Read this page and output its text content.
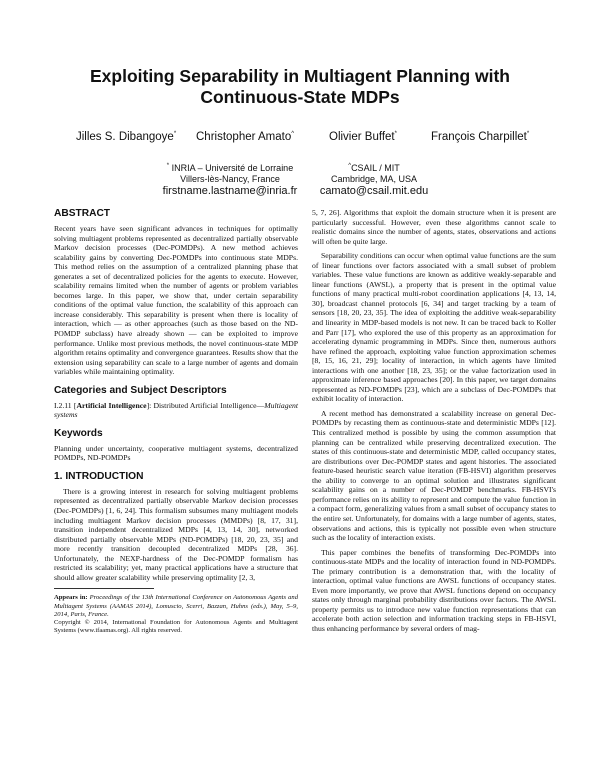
Exploiting Separability in Multiagent Planning with
Continuous-State MDPs
Jilles S. Dibangoye* Christopher Amato^	Olivier Buffet*	François Charpillet*
* INRIA – Université de Lorraine
Villers-lès-Nancy, France
firstname.lastname@inria.fr
^CSAIL / MIT
Cambridge, MA, USA
camato@csail.mit.edu
ABSTRACT

Recent years have seen significant advances in techniques for optimally solving multiagent problems represented as decentralized partially observable Markov decision processes (Dec-POMDPs). A new method achieves scalability gains by converting Dec-POMDPs into continuous state MDPs. This method relies on the assumption of a centralized planning phase that generates a set of decentralized policies for the agents to execute. However, scalability remains limited when the number of agents or problem variables becomes large. In this paper, we show that, under certain separability conditions of the optimal value function, the scalability of this approach can increase considerably. This separability is present when there is locality of interaction, which — as other approaches (such as those based on the ND-POMDP subclass) have already shown — can be exploited to improve performance. Unlike most previous methods, the novel continuous-state MDP algorithm retains optimality and convergence guarantees. Results show that the extension using separability can scale to a large number of agents and domain variables while maintaining optimality.

Categories and Subject Descriptors

I.2.11 [Artificial Intelligence]: Distributed Artificial Intelligence—Multiagent systems

Keywords

Planning under uncertainty, cooperative multiagent systems, decentralized POMDPs, ND-POMDPs

1. INTRODUCTION

There is a growing interest in research for solving multiagent problems represented as decentralized partially observable Markov decision processes (Dec-POMDPs) [1, 6, 24]. This formalism subsumes many multiagent models including multiagent Markov decision processes (MMDPs) [8, 17, 31], transition independent decentralized MDPs [4, 13, 14, 30], networked distributed partially observable MDPs (ND-POMDPs) [18, 20, 23, 35] and more recently transition decoupled decentralized MDPs [28, 36]. Unfortunately, the NEXP-hardness of the Dec-POMDP formalism has restricted its scalability; yet, many practical applications have a structure that should allow greater scalability while preserving optimality [2, 3,

Appears in: Proceedings of the 13th International Conference on Autonomous Agents and Multiagent Systems (AAMAS 2014), Lomuscio, Scerri, Bazzan, Huhns (eds.), May, 5–9, 2014, Paris, France.

Copyright © 2014, International Foundation for Autonomous Agents and Multiagent Systems (www.ifaamas.org). All rights reserved.

5, 7, 26]. Algorithms that exploit the domain structure when it is present are particularly successful. However, even these algorithms cannot scale to realistic domains since the number of agents, states, observations and actions will often be quite large.

Separability conditions can occur when optimal value functions are the sum of linear functions over factors associated with a small subset of problem variables. These value functions are known as additive weakly-separable and linear functions (AWSL), a property that is present in the optimal value functions of many practical multi-robot coordination applications [4, 13, 14, 30], broadcast channel protocols [6, 34] and target tracking by a team of sensors [18, 20, 23, 35]. The idea of exploiting the additive weak-separability and linearity in MDP-based models is not new. It can be traced back to Koller and Parr [17], who explored the use of this property as an approximation for accelerating dynamic programming in MDPs. Since then, numerous authors have refined the approach, exploiting value function approximation schemes [8, 15, 16, 21, 29]; locality of interaction, in which agents have limited interactions with one another [18, 23, 35]; or the value factorization used in approximate inference based approaches [20]. In this paper, we target domains represented as ND-POMDPs [23], which are a subclass of Dec-POMDPs that exhibit locality of interaction.

A recent method has demonstrated a scalability increase on general Dec-POMDPs by recasting them as continuous-state and deterministic MDPs [12]. This centralized method is possible by using the common assumption that planning can be centralized while preserving decentralized execution. The states of this continuous-state and deterministic MDP, called occupancy states, are distributions over Dec-POMDP states and agent histories. The associated feature-based heuristic search value iteration (FB-HSVI) algorithm preserves the ability to converge to an optimal solution and illustrates significant scalability gains on a number of Dec-POMDP benchmarks. FB-HSVI's performance relies on its ability to represent and compute the value function in a compact form, generalizing values from a small subset of occupancy states to the entire set. Unfortunately, for domains with a large number of agents, states, observations and actions, this is typically not possible even when structure such as the locality of interaction exists.

This paper combines the benefits of transforming Dec-POMDPs into continuous-state MDPs and the locality of interaction found in ND-POMDPs. The primary contribution is a demonstration that, with the locality of interaction, optimal value functions are AWSL functions of occupancy states. Even more importantly, we prove that AWSL functions depend on occupancy states only through marginal probability distributions over factors. The AWSL property permits us to introduce new value function representations that can accelerate both action selection and information tracking steps in FB-HSVI, thus enhancing performance by several orders of mag-
